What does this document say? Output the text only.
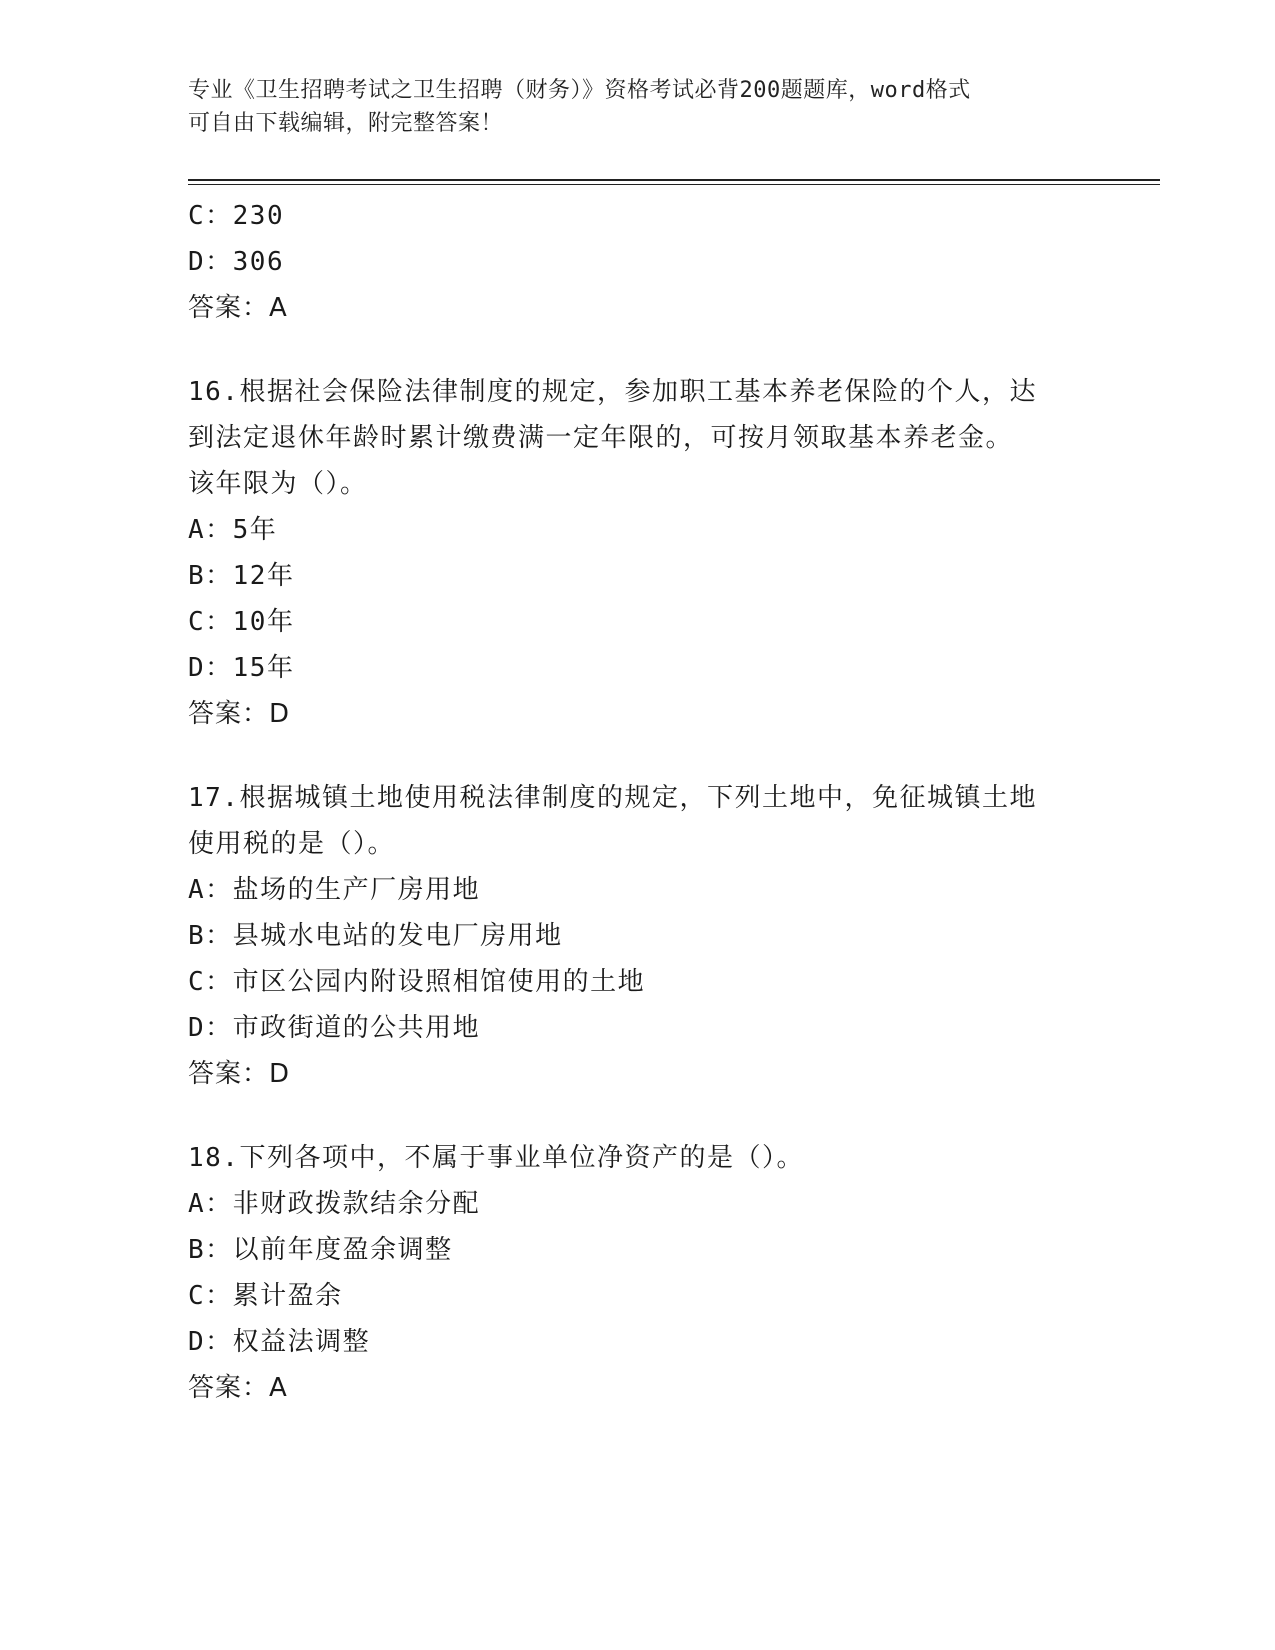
专业《卫生招聘考试之卫生招聘（财务）》资格考试必背200题题库，word格式
可自由下载编辑，附完整答案！
C：230
D：306
答案：A
16.根据社会保险法律制度的规定，参加职工基本养老保险的个人，达
到法定退休年龄时累计缴费满一定年限的，可按月领取基本养老金。
该年限为（）。
A：5年
B：12年
C：10年
D：15年
答案：D
17.根据城镇土地使用税法律制度的规定，下列土地中，免征城镇土地
使用税的是（）。
A：盐场的生产厂房用地
B：县城水电站的发电厂房用地
C：市区公园内附设照相馆使用的土地
D：市政街道的公共用地
答案：D
18.下列各项中，不属于事业单位净资产的是（）。
A：非财政拨款结余分配
B：以前年度盈余调整
C：累计盈余
D：权益法调整
答案：A
